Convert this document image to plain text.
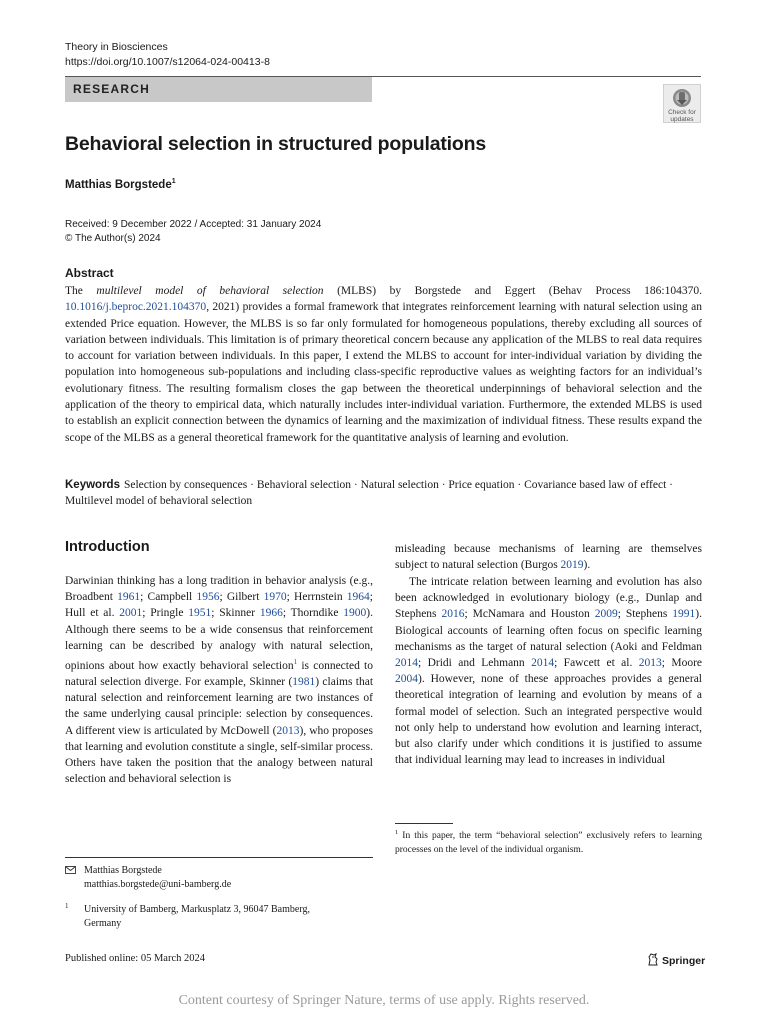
Theory in Biosciences
https://doi.org/10.1007/s12064-024-00413-8
RESEARCH
Check for
updates
Behavioral selection in structured populations
Matthias Borgstede$^1$
Received: 9 December 2022 / Accepted: 31 January 2024
© The Author(s) 2024
Abstract

The multilevel model of behavioral selection (MLBS) by Borgstede and Eggert (Behav Process 186:104370. 10.1016/j.beproc.2021.104370, 2021) provides a formal framework that integrates reinforcement learning with natural selection using an extended Price equation. However, the MLBS is so far only formulated for homogeneous populations, thereby excluding all sources of variation between individuals. This limitation is of primary theoretical concern because any application of the MLBS to real data requires to account for variation between individuals. In this paper, I extend the MLBS to account for inter-individual variation by dividing the population into homogeneous sub-populations and including class-specific reproductive values as weighting factors for an individual’s evolutionary fitness. The resulting formalism closes the gap between the theoretical underpinnings of behavioral selection and the application of the theory to empirical data, which naturally includes inter-individual variation. Furthermore, the extended MLBS is used to establish an explicit connection between the dynamics of learning and the maximization of individual fitness. These results expand the scope of the MLBS as a general theoretical framework for the quantitative analysis of learning and evolution.

Keywords Selection by consequences · Behavioral selection · Natural selection · Price equation · Covariance based law of effect · Multilevel model of behavioral selection

Introduction

Darwinian thinking has a long tradition in behavior analysis (e.g., Broadbent 1961; Campbell 1956; Gilbert 1970; Herrnstein 1964; Hull et al. 2001; Pringle 1951; Skinner 1966; Thorndike 1900). Although there seems to be a wide consensus that reinforcement learning can be described by analogy with natural selection, opinions about how exactly behavioral selection$^1$ is connected to natural selection diverge. For example, Skinner (1981) claims that natural selection and reinforcement learning are two instances of the same underlying causal principle: selection by consequences. A different view is articulated by McDowell (2013), who proposes that learning and evolution constitute a single, self-similar process. Others have taken the position that the analogy between natural selection and behavioral selection is

misleading because mechanisms of learning are themselves subject to natural selection (Burgos 2019).

The intricate relation between learning and evolution has also been acknowledged in evolutionary biology (e.g., Dunlap and Stephens 2016; McNamara and Houston 2009; Stephens 1991). Biological accounts of learning often focus on specific learning mechanisms as the target of natural selection (Aoki and Feldman 2014; Dridi and Lehmann 2014; Fawcett et al. 2013; Moore 2004). However, none of these approaches provides a general theoretical integration of learning and evolution by means of a formal model of selection. Such an integrated perspective would not only help to understand how evolution and learning interact, but also clarify under which conditions it is justified to assume that individual learning may lead to increases in individual

$^1$ In this paper, the term “behavioral selection” exclusively refers to learning processes on the level of the individual organism.

Matthias Borgstede
matthias.borgstede@uni-bamberg.de
1 University of Bamberg, Markusplatz 3, 96047 Bamberg,
Germany
Published online: 05 March 2024	Springer
Content courtesy of Springer Nature, terms of use apply. Rights reserved.
